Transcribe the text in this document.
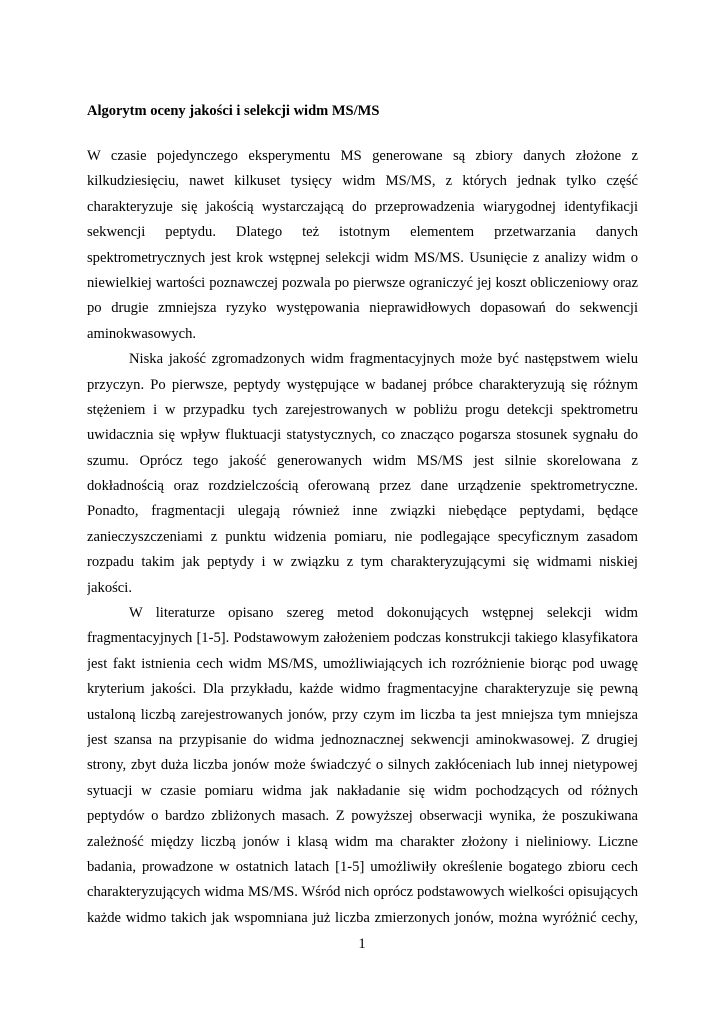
Algorytm oceny jakości i selekcji widm MS/MS
W czasie pojedynczego eksperymentu MS generowane są zbiory danych złożone z
kilkudziesięciu, nawet kilkuset tysięcy widm MS/MS, z których jednak tylko część
charakteryzuje się jakością wystarczającą do przeprowadzenia wiarygodnej identyfikacji
sekwencji peptydu. Dlatego też istotnym elementem przetwarzania danych
spektrometrycznych jest krok wstępnej selekcji widm MS/MS. Usunięcie z analizy widm o
niewielkiej wartości poznawczej pozwala po pierwsze ograniczyć jej koszt obliczeniowy oraz
po drugie zmniejsza ryzyko występowania nieprawidłowych dopasowań do sekwencji
aminokwasowych.
Niska jakość zgromadzonych widm fragmentacyjnych może być następstwem wielu
przyczyn. Po pierwsze, peptydy występujące w badanej próbce charakteryzują się różnym
stężeniem i w przypadku tych zarejestrowanych w pobliżu progu detekcji spektrometru
uwidacznia się wpływ fluktuacji statystycznych, co znacząco pogarsza stosunek sygnału do
szumu. Oprócz tego jakość generowanych widm MS/MS jest silnie skorelowana z
dokładnością oraz rozdzielczością oferowaną przez dane urządzenie spektrometryczne.
Ponadto, fragmentacji ulegają również inne związki niebędące peptydami, będące
zanieczyszczeniami z punktu widzenia pomiaru, nie podlegające specyficznym zasadom
rozpadu takim jak peptydy i w związku z tym charakteryzującymi się widmami niskiej
jakości.
W literaturze opisano szereg metod dokonujących wstępnej selekcji widm
fragmentacyjnych [1-5]. Podstawowym założeniem podczas konstrukcji takiego klasyfikatora
jest fakt istnienia cech widm MS/MS, umożliwiających ich rozróżnienie biorąc pod uwagę
kryterium jakości. Dla przykładu, każde widmo fragmentacyjne charakteryzuje się pewną
ustaloną liczbą zarejestrowanych jonów, przy czym im liczba ta jest mniejsza tym mniejsza
jest szansa na przypisanie do widma jednoznacznej sekwencji aminokwasowej. Z drugiej
strony, zbyt duża liczba jonów może świadczyć o silnych zakłóceniach lub innej nietypowej
sytuacji w czasie pomiaru widma jak nakładanie się widm pochodzących od różnych
peptydów o bardzo zbliżonych masach. Z powyższej obserwacji wynika, że poszukiwana
zależność między liczbą jonów i klasą widm ma charakter złożony i nieliniowy. Liczne
badania, prowadzone w ostatnich latach [1-5] umożliwiły określenie bogatego zbioru cech
charakteryzujących widma MS/MS. Wśród nich oprócz podstawowych wielkości opisujących
każde widmo takich jak wspomniana już liczba zmierzonych jonów, można wyróżnić cechy,
1
